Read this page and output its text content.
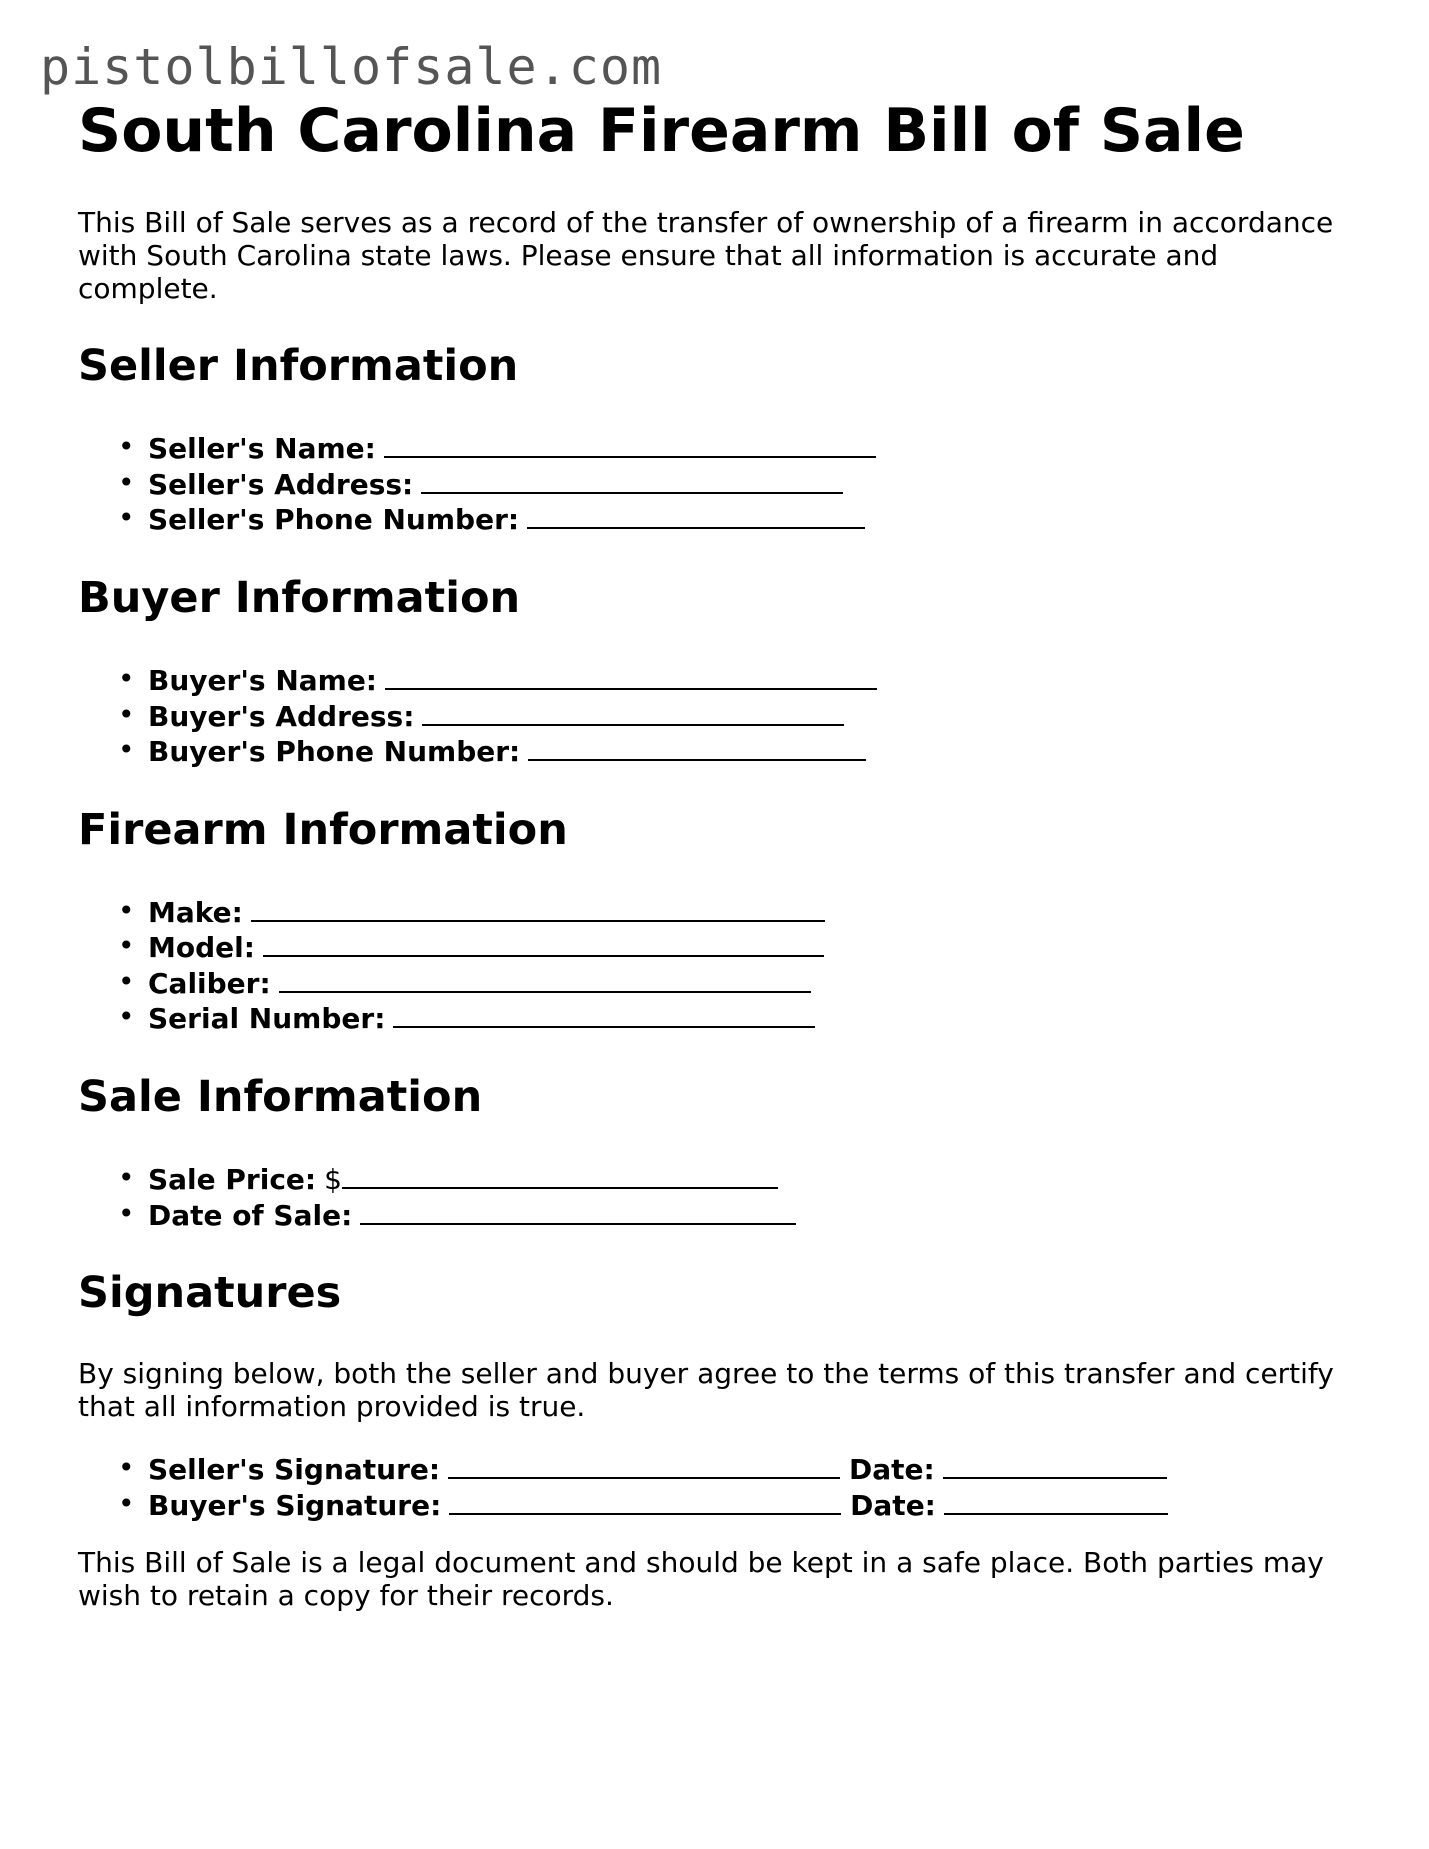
pistolbillofsale.com
South Carolina Firearm Bill of Sale

This Bill of Sale serves as a record of the transfer of ownership of a firearm in accordance with South Carolina state laws. Please ensure that all information is accurate and complete.

Seller Information
• Seller's Name:
• Seller's Address:
• Seller's Phone Number:
Buyer Information
• Buyer's Name:
• Buyer's Address:
• Buyer's Phone Number:
Firearm Information
• Make:
• Model:
• Caliber:
• Serial Number:
Sale Information
• Sale Price: $
• Date of Sale:
Signatures

By signing below, both the seller and buyer agree to the terms of this transfer and certify that all information provided is true.

• Seller's Signature:	Date:
• Buyer's Signature:	Date:

This Bill of Sale is a legal document and should be kept in a safe place. Both parties may wish to retain a copy for their records.
